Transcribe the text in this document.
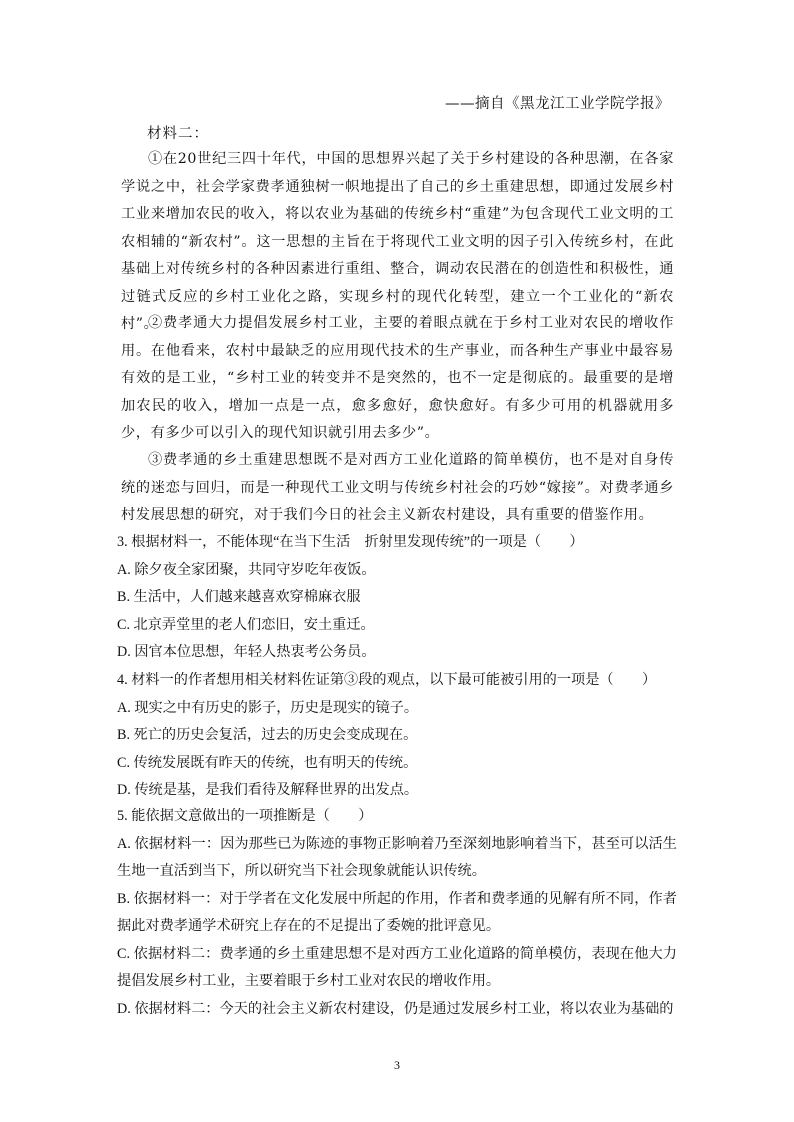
——摘自《黑龙江工业学院学报》
材料二：

①在20世纪三四十年代，中国的思想界兴起了关于乡村建设的各种思潮，在各家学说之中，社会学家费孝通独树一帜地提出了自己的乡土重建思想，即通过发展乡村工业来增加农民的收入，将以农业为基础的传统乡村“重建”为包含现代工业文明的工农相辅的“新农村”。这一思想的主旨在于将现代工业文明的因子引入传统乡村，在此基础上对传统乡村的各种因素进行重组、整合，调动农民潜在的创造性和积极性，通过链式反应的乡村工业化之路，实现乡村的现代化转型，建立一个工业化的“新农村”。

②费孝通大力提倡发展乡村工业，主要的着眼点就在于乡村工业对农民的增收作用。在他看来，农村中最缺乏的应用现代技术的生产事业，而各种生产事业中最容易有效的是工业，“乡村工业的转变并不是突然的，也不一定是彻底的。最重要的是增加农民的收入，增加一点是一点，愈多愈好，愈快愈好。有多少可用的机器就用多少，有多少可以引入的现代知识就引用去多少”。

③费孝通的乡土重建思想既不是对西方工业化道路的简单模仿，也不是对自身传统的迷恋与回归，而是一种现代工业文明与传统乡村社会的巧妙“嫁接”。对费孝通乡村发展思想的研究，对于我们今日的社会主义新农村建设，具有重要的借鉴作用。

3. 根据材料一，不能体现“在当下生活　折射里发现传统”的一项是（　　）
A. 除夕夜全家团聚，共同守岁吃年夜饭。
B. 生活中，人们越来越喜欢穿棉麻衣服
C. 北京弄堂里的老人们恋旧，安土重迁。
D. 因官本位思想，年轻人热衷考公务员。
4. 材料一的作者想用相关材料佐证第③段的观点，以下最可能被引用的一项是（　　）
A. 现实之中有历史的影子，历史是现实的镜子。
B. 死亡的历史会复活，过去的历史会变成现在。
C. 传统发展既有昨天的传统，也有明天的传统。
D. 传统是基，是我们看待及解释世界的出发点。
5. 能依据文意做出的一项推断是（　　）
A. 依据材料一：因为那些已为陈迹的事物正影响着乃至深刻地影响着当下，甚至可以活生生地一直活到当下，所以研究当下社会现象就能认识传统。
B. 依据材料一：对于学者在文化发展中所起的作用，作者和费孝通的见解有所不同，作者据此对费孝通学术研究上存在的不足提出了委婉的批评意见。
C. 依据材料二：费孝通的乡土重建思想不是对西方工业化道路的简单模仿，表现在他大力提倡发展乡村工业，主要着眼于乡村工业对农民的增收作用。
D. 依据材料二：今天的社会主义新农村建设，仍是通过发展乡村工业，将以农业为基础的
3
